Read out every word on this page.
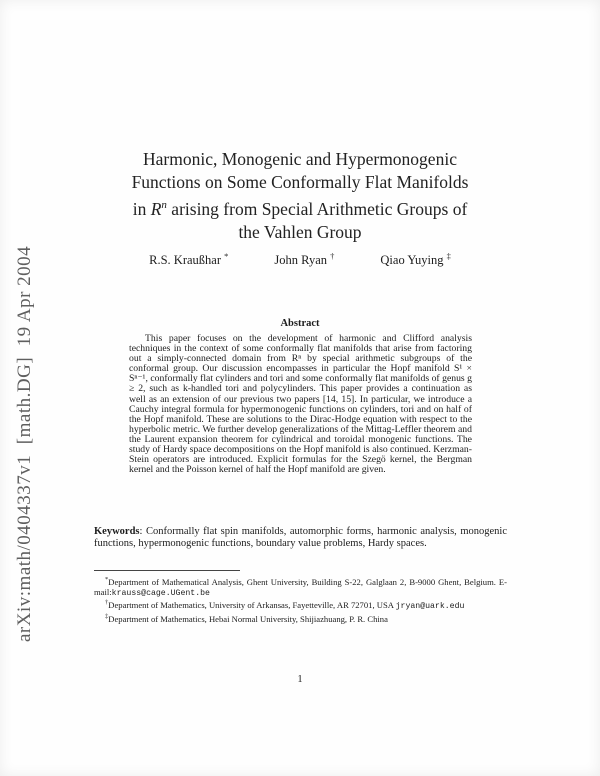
arXiv:math/0404337v1  [math.DG]  19 Apr 2004
Harmonic, Monogenic and Hypermonogenic
Functions on Some Conformally Flat Manifolds
in $R^n$ arising from Special Arithmetic Groups of
the Vahlen Group
R.S. Kraußhar *	John Ryan †	Qiao Yuying ‡
Abstract

This paper focuses on the development of harmonic and Clifford analysis techniques in the context of some conformally flat manifolds that arise from factoring out a simply-connected domain from Rⁿ by special arithmetic subgroups of the conformal group. Our discussion encompasses in particular the Hopf manifold S¹ × Sⁿ⁻¹, conformally flat cylinders and tori and some conformally flat manifolds of genus g ≥ 2, such as k-handled tori and polycylinders. This paper provides a continuation as well as an extension of our previous two papers [14, 15]. In particular, we introduce a Cauchy integral formula for hypermonogenic functions on cylinders, tori and on half of the Hopf manifold. These are solutions to the Dirac-Hodge equation with respect to the hyperbolic metric. We further develop generalizations of the Mittag-Leffler theorem and the Laurent expansion theorem for cylindrical and toroidal monogenic functions. The study of Hardy space decompositions on the Hopf manifold is also continued. Kerzman-Stein operators are introduced. Explicit formulas for the Szegö kernel, the Bergman kernel and the Poisson kernel of half the Hopf manifold are given.

Keywords: Conformally flat spin manifolds, automorphic forms, harmonic analysis, monogenic functions, hypermonogenic functions, boundary value problems, Hardy spaces.

*Department of Mathematical Analysis, Ghent University, Building S-22, Galglaan 2, B-9000 Ghent, Belgium. E-mail:krauss@cage.UGent.be

†Department of Mathematics, University of Arkansas, Fayetteville, AR 72701, USA jryan@uark.edu

‡Department of Mathematics, Hebai Normal University, Shijiazhuang, P. R. China

1
